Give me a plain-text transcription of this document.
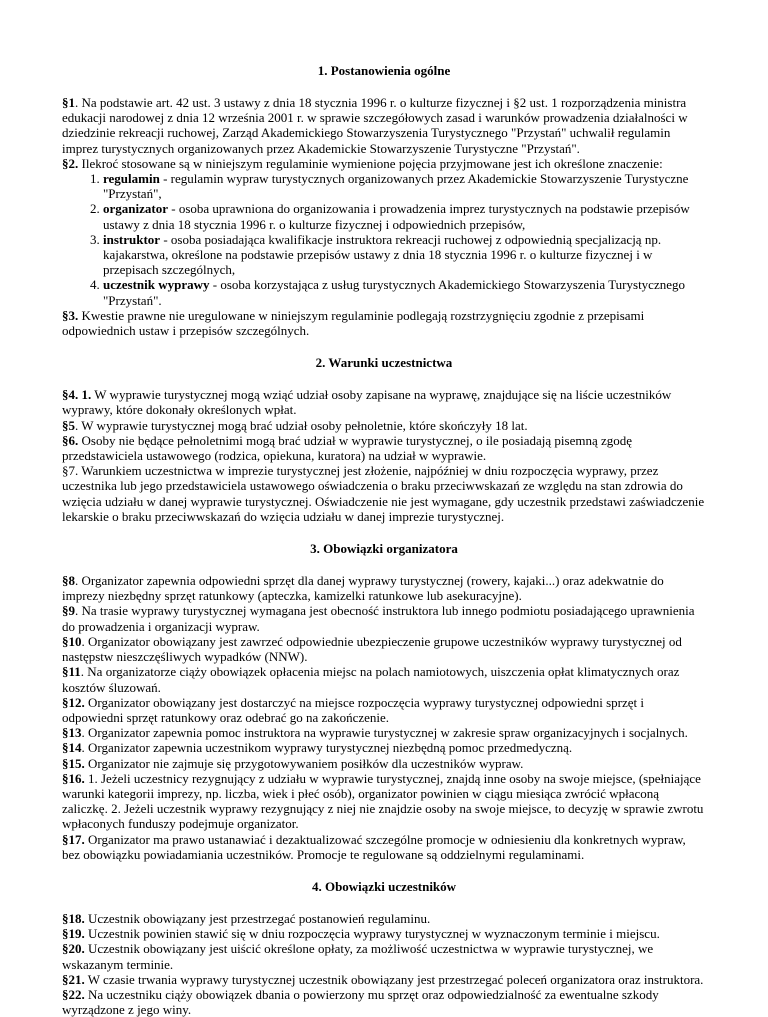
1. Postanowienia ogólne

§1. Na podstawie art. 42 ust. 3 ustawy z dnia 18 stycznia 1996 r. o kulturze fizycznej i §2 ust. 1 rozporządzenia ministra edukacji narodowej z dnia 12 września 2001 r. w sprawie szczegółowych zasad i warunków prowadzenia działalności w dziedzinie rekreacji ruchowej, Zarząd Akademickiego Stowarzyszenia Turystycznego "Przystań" uchwalił regulamin imprez turystycznych organizowanych przez Akademickie Stowarzyszenie Turystyczne "Przystań".

§2. Ilekroć stosowane są w niniejszym regulaminie wymienione pojęcia przyjmowane jest ich określone znaczenie:

1. regulamin - regulamin wypraw turystycznych organizowanych przez Akademickie Stowarzyszenie Turystyczne "Przystań",
2. organizator - osoba uprawniona do organizowania i prowadzenia imprez turystycznych na podstawie przepisów ustawy z dnia 18 stycznia 1996 r. o kulturze fizycznej i odpowiednich przepisów,
3. instruktor - osoba posiadająca kwalifikacje instruktora rekreacji ruchowej z odpowiednią specjalizacją np. kajakarstwa, określone na podstawie przepisów ustawy z dnia 18 stycznia 1996 r. o kulturze fizycznej i w przepisach szczególnych,
4. uczestnik wyprawy - osoba korzystająca z usług turystycznych Akademickiego Stowarzyszenia Turystycznego "Przystań".

§3. Kwestie prawne nie uregulowane w niniejszym regulaminie podlegają rozstrzygnięciu zgodnie z przepisami odpowiednich ustaw i przepisów szczególnych.

2. Warunki uczestnictwa

§4. 1. W wyprawie turystycznej mogą wziąć udział osoby zapisane na wyprawę, znajdujące się na liście uczestników wyprawy, które dokonały określonych wpłat.

§5. W wyprawie turystycznej mogą brać udział osoby pełnoletnie, które skończyły 18 lat.

§6. Osoby nie będące pełnoletnimi mogą brać udział w wyprawie turystycznej, o ile posiadają pisemną zgodę przedstawiciela ustawowego (rodzica, opiekuna, kuratora) na udział w wyprawie.

§7. Warunkiem uczestnictwa w imprezie turystycznej jest złożenie, najpóźniej w dniu rozpoczęcia wyprawy, przez uczestnika lub jego przedstawiciela ustawowego oświadczenia o braku przeciwwskazań ze względu na stan zdrowia do wzięcia udziału w danej wyprawie turystycznej. Oświadczenie nie jest wymagane, gdy uczestnik przedstawi zaświadczenie lekarskie o braku przeciwwskazań do wzięcia udziału w danej imprezie turystycznej.

3. Obowiązki organizatora

§8. Organizator zapewnia odpowiedni sprzęt dla danej wyprawy turystycznej (rowery, kajaki...) oraz adekwatnie do imprezy niezbędny sprzęt ratunkowy (apteczka, kamizelki ratunkowe lub asekuracyjne).

§9. Na trasie wyprawy turystycznej wymagana jest obecność instruktora lub innego podmiotu posiadającego uprawnienia do prowadzenia i organizacji wypraw.

§10. Organizator obowiązany jest zawrzeć odpowiednie ubezpieczenie grupowe uczestników wyprawy turystycznej od następstw nieszczęśliwych wypadków (NNW).

§11. Na organizatorze ciąży obowiązek opłacenia miejsc na polach namiotowych, uiszczenia opłat klimatycznych oraz kosztów śluzowań.

§12. Organizator obowiązany jest dostarczyć na miejsce rozpoczęcia wyprawy turystycznej odpowiedni sprzęt i odpowiedni sprzęt ratunkowy oraz odebrać go na zakończenie.

§13. Organizator zapewnia pomoc instruktora na wyprawie turystycznej w zakresie spraw organizacyjnych i socjalnych.

§14. Organizator zapewnia uczestnikom wyprawy turystycznej niezbędną pomoc przedmedyczną.

§15. Organizator nie zajmuje się przygotowywaniem posiłków dla uczestników wypraw.

§16. 1. Jeżeli uczestnicy rezygnujący z udziału w wyprawie turystycznej, znajdą inne osoby na swoje miejsce, (spełniające warunki kategorii imprezy, np. liczba, wiek i płeć osób), organizator powinien w ciągu miesiąca zwrócić wpłaconą zaliczkę. 2. Jeżeli uczestnik wyprawy rezygnujący z niej nie znajdzie osoby na swoje miejsce, to decyzję w sprawie zwrotu wpłaconych funduszy podejmuje organizator.

§17. Organizator ma prawo ustanawiać i dezaktualizować szczególne promocje w odniesieniu dla konkretnych wypraw, bez obowiązku powiadamiania uczestników. Promocje te regulowane są oddzielnymi regulaminami.

4. Obowiązki uczestników

§18. Uczestnik obowiązany jest przestrzegać postanowień regulaminu.

§19. Uczestnik powinien stawić się w dniu rozpoczęcia wyprawy turystycznej w wyznaczonym terminie i miejscu.

§20. Uczestnik obowiązany jest uiścić określone opłaty, za możliwość uczestnictwa w wyprawie turystycznej, we wskazanym terminie.

§21. W czasie trwania wyprawy turystycznej uczestnik obowiązany jest przestrzegać poleceń organizatora oraz instruktora.

§22. Na uczestniku ciąży obowiązek dbania o powierzony mu sprzęt oraz odpowiedzialność za ewentualne szkody wyrządzone z jego winy.
